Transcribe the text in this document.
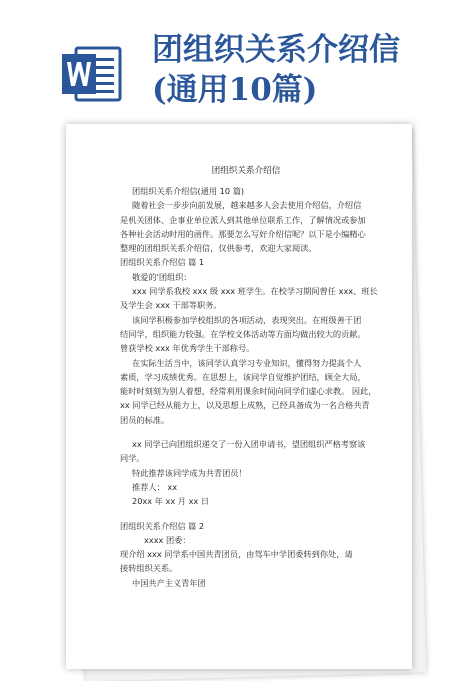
团组织关系介绍信
(通用10篇)
团组织关系介绍信
团组织关系介绍信(通用 10 篇)
随着社会一步步向前发展，越来越多人会去使用介绍信，介绍信
是机关团体、企事业单位派人到其他单位联系工作，了解情况或参加
各种社会活动时用的函件。那要怎么写好介绍信呢？以下是小编精心
整理的团组织关系介绍信，仅供参考，欢迎大家阅读。
团组织关系介绍信 篇 1
敬爱的'团组织：
xxx 同学系我校 xxx 级 xxx 班学生。在校学习期间曾任 xxx、班长
及学生会 xxx 干部等职务。
该同学积极参加学校组织的各项活动，表现突出。在班级善于团
结同学，组织能力较强。在学校文体活动等方面均做出较大的贡献。
曾获学校 xxx 年优秀学生干部称号。
在实际生活当中，该同学认真学习专业知识，懂得努力提高个人
素质，学习成绩优秀。在思想上，该同学自觉维护团结，顾全大局，
能时时刻刻为别人着想，经常利用课余时间向同学们虚心求教。 因此，
xx 同学已经从能力上，以及思想上成熟，已经具备成为一名合格共青
团员的标准。
xx 同学已向团组织递交了一份入团申请书，望团组织严格考察该
同学。
特此推荐该同学成为共青团员！
推荐人： xx
20xx 年 xx 月 xx 日
团组织关系介绍信 篇 2
xxxx 团委：
现介绍 xxx 同学系中国共青团员，由驾车中学团委转到你处，请
接转组织关系。
中国共产主义青年团
